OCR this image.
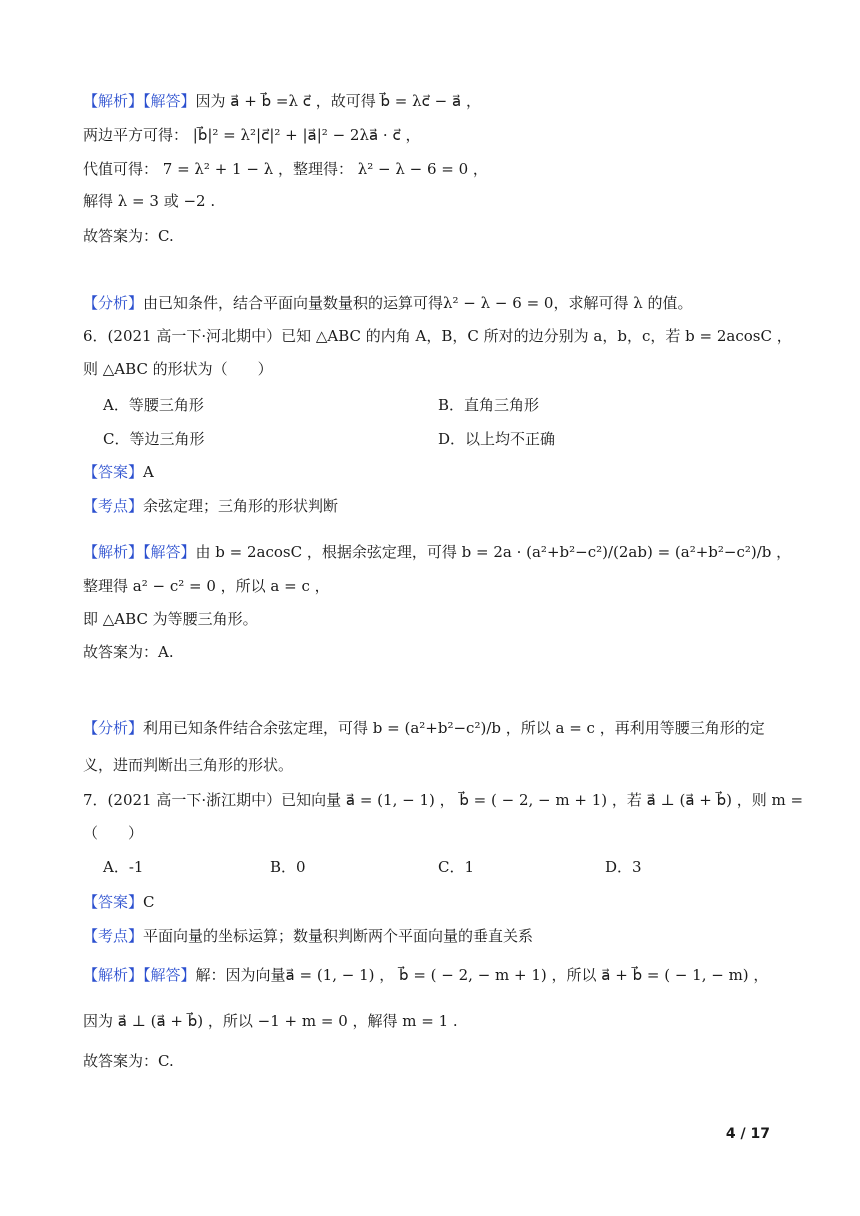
【解析】【解答】因为 a⃗ + b⃗ =λ c⃗ ，故可得 b⃗ = λc⃗ − a⃗ ，
两边平方可得： |b⃗|² = λ²|c⃗|² + |a⃗|² − 2λa⃗ · c⃗ ，
代值可得： 7 = λ² + 1 − λ ，整理得： λ² − λ − 6 = 0 ，
解得 λ = 3 或 −2 .
故答案为：C.
【分析】由已知条件，结合平面向量数量积的运算可得λ² − λ − 6 = 0，求解可得 λ 的值。
6．(2021 高一下·河北期中）已知 △ABC 的内角 A，B，C 所对的边分别为 a，b，c，若 b = 2acosC ，
则 △ABC 的形状为（　　）
【答案】A
【考点】余弦定理；三角形的形状判断
【解析】【解答】由 b = 2acosC ，根据余弦定理，可得 b = 2a · (a²+b²−c²)/(2ab) = (a²+b²−c²)/b ，
整理得 a² − c² = 0 ，所以 a = c ，
即 △ABC 为等腰三角形。
故答案为：A.
【分析】利用已知条件结合余弦定理，可得 b = (a²+b²−c²)/b ，所以 a = c ，再利用等腰三角形的定
义，进而判断出三角形的形状。
7．(2021 高一下·浙江期中）已知向量 a⃗ = (1, − 1) ， b⃗ = ( − 2, − m + 1) ，若 a⃗ ⊥ (a⃗ + b⃗) ，则 m =
（　　）
【答案】C
【考点】平面向量的坐标运算；数量积判断两个平面向量的垂直关系
【解析】【解答】解：因为向量a⃗ = (1, − 1) ， b⃗ = ( − 2, − m + 1) ，所以 a⃗ + b⃗ = ( − 1, − m) ，
因为 a⃗ ⊥ (a⃗ + b⃗) ，所以 −1 + m = 0 ，解得 m = 1 .
故答案为：C.
A．等腰三角形	B．直角三角形
C．等边三角形	D．以上均不正确
A．-1	B．0	C．1	D．3
4 / 17
